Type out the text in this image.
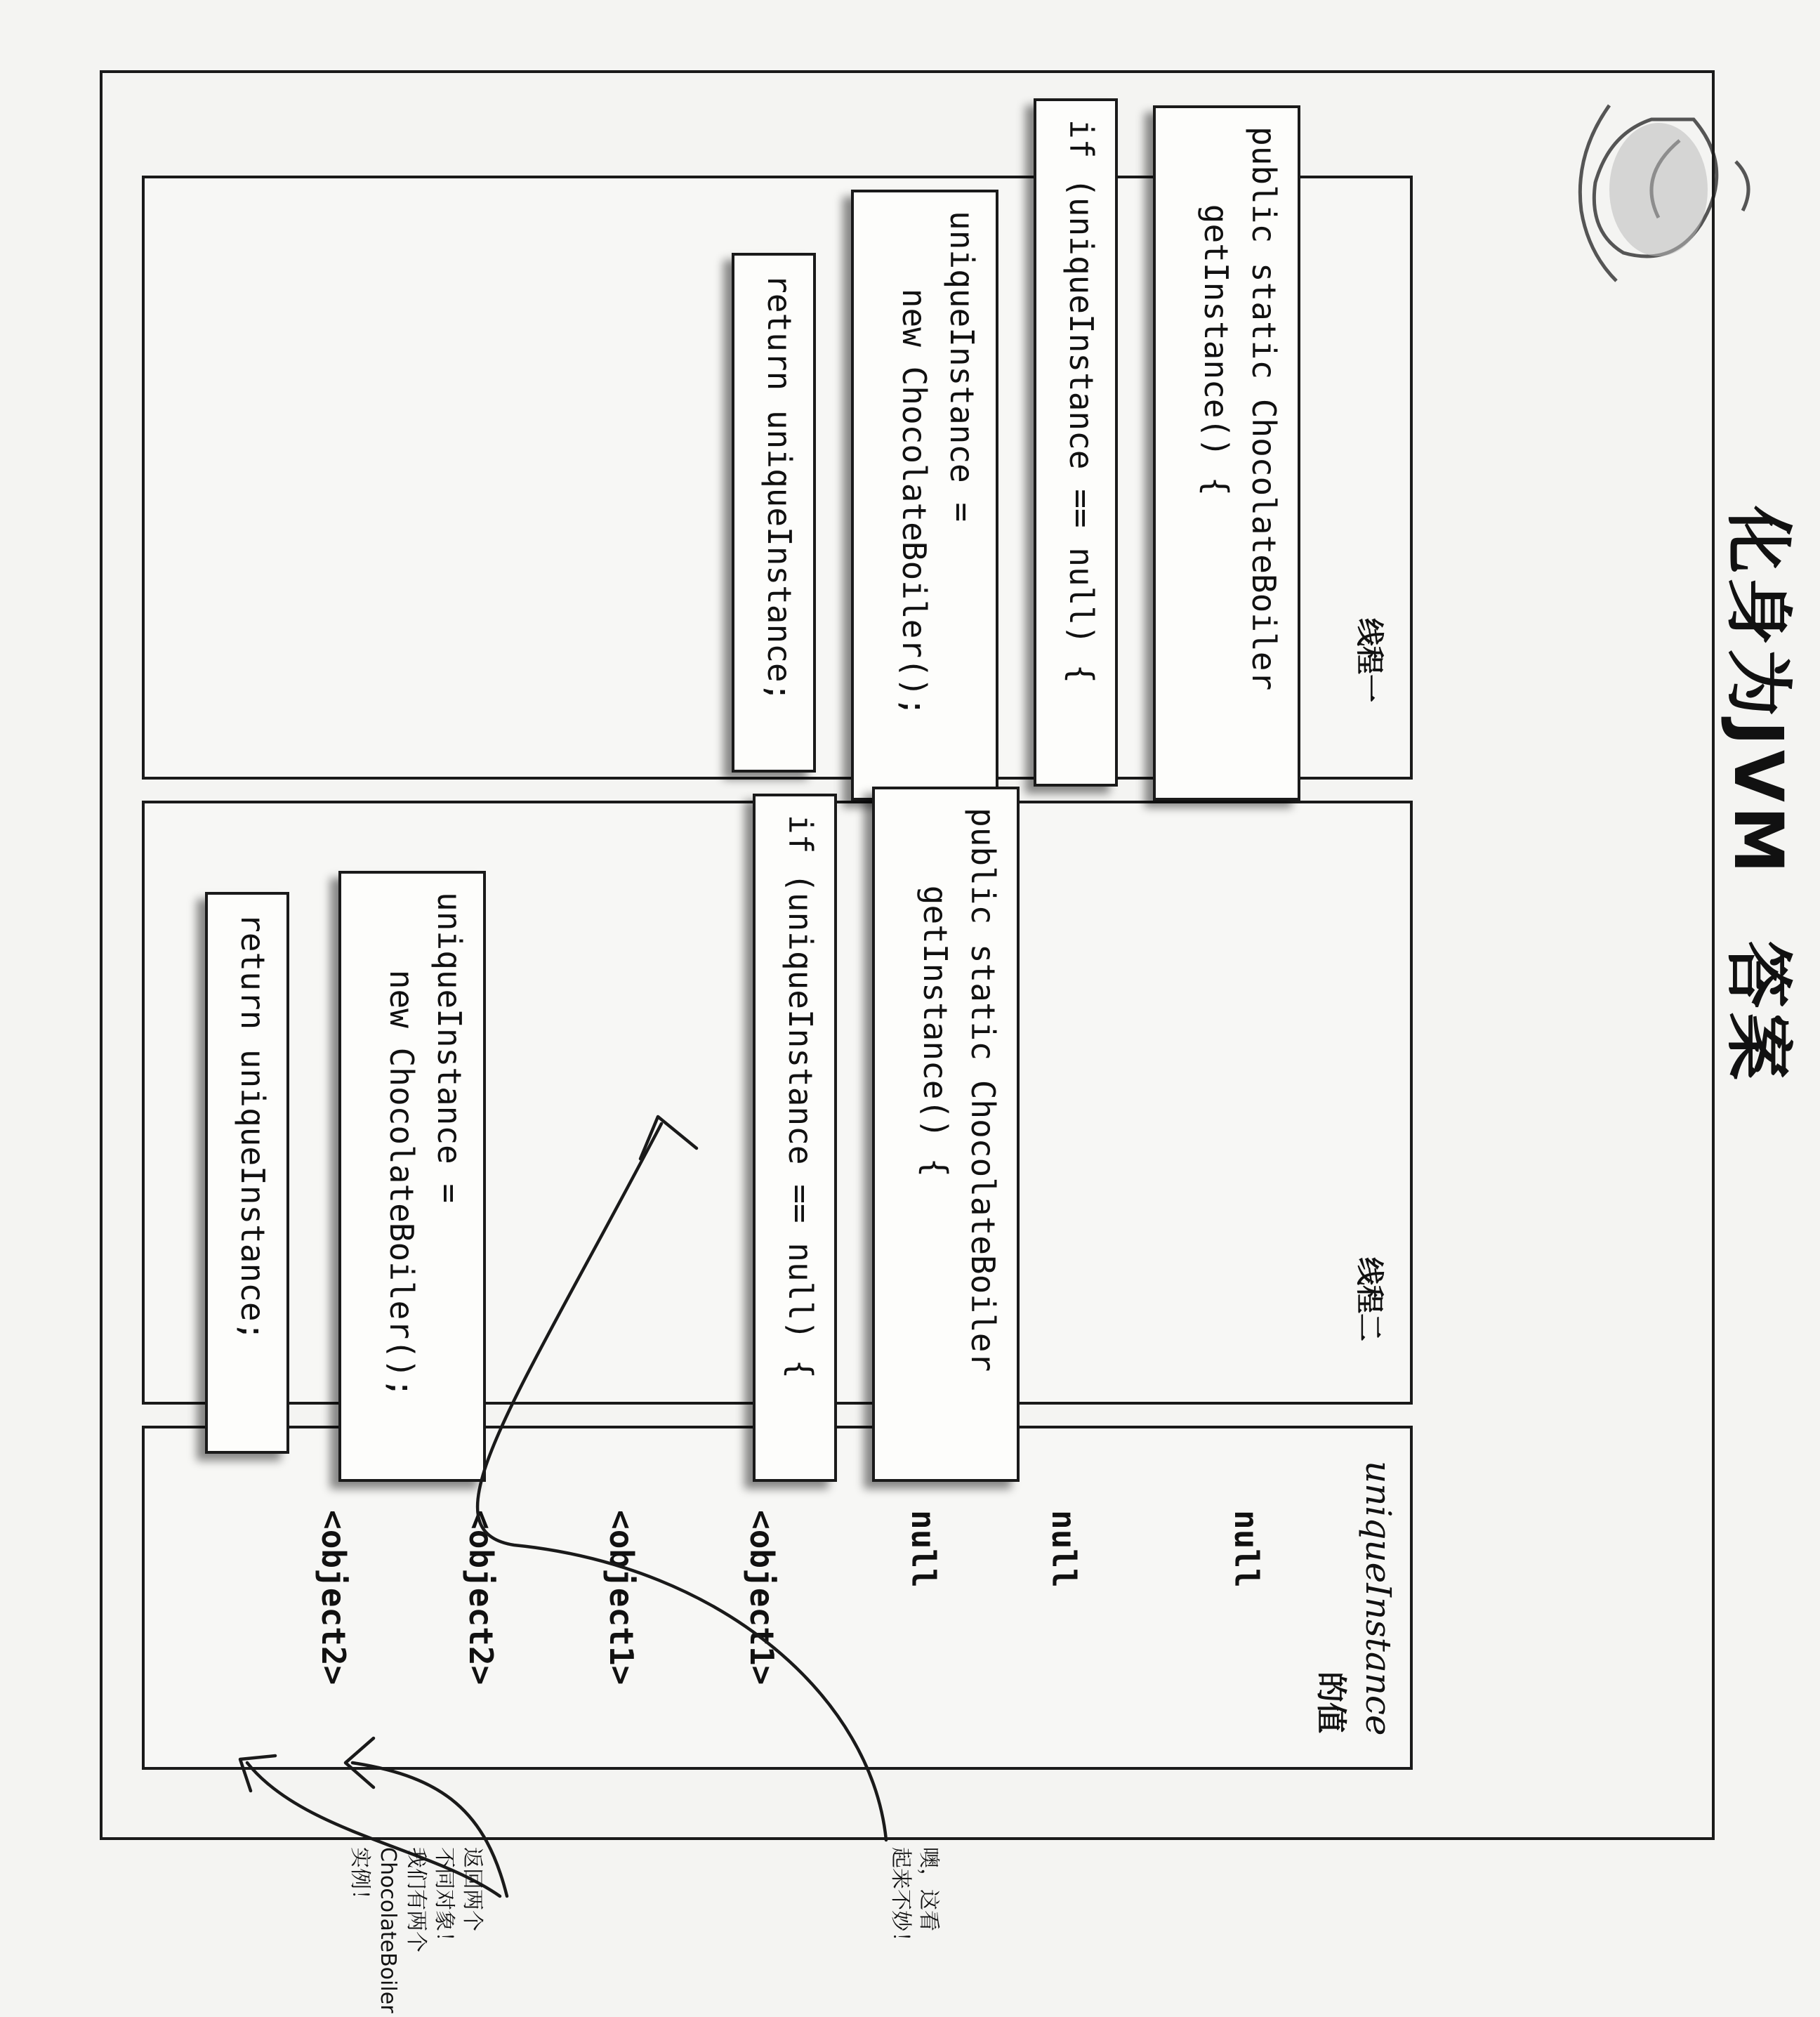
化身为JVM答案
线程一
线程二
uniqueInstance
的值
public static ChocolateBoiler
getInstance() {
if (uniqueInstance == null) {
uniqueInstance =
new ChocolateBoiler();
return uniqueInstance;
public static ChocolateBoiler
getInstance() {
if (uniqueInstance == null) {
uniqueInstance =
new ChocolateBoiler();
return uniqueInstance;
null
null
null
<object1>
<object1>
<object2>
<object2>
噢，这看
起来不妙！
返回两个
不同对象！
我们有两个
ChocolateBoiler
实例！
